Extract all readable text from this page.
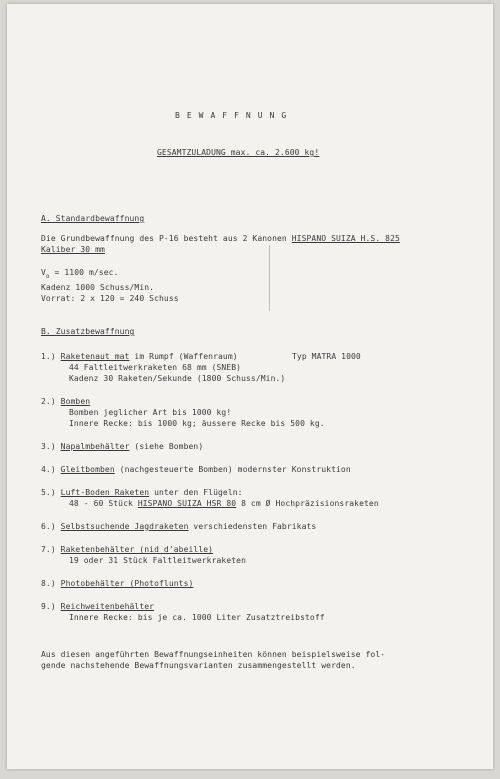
BEWAFFNUNG
GESAMTZULADUNG max. ca. 2.600 kg!
A. Standardbewaffnung
Die Grundbewaffnung des P-16 besteht aus 2 Kanonen HISPANO SUIZA H.S. 825
Kaliber 30 mm
$V_o = 1100$ m/sec.
Kadenz 1000 Schuss/Min.
Vorrat: 2 x 120 = 240 Schuss
B. Zusatzbewaffnung
1.) Raketenaut mat im Rumpf (Waffenraum)	Typ MATRA 1000
44 Faltleitwerkraketen 68 mm (SNEB)
Kadenz 30 Raketen/Sekunde (1800 Schuss/Min.)
2.) Bomben
Bomben jeglicher Art bis 1000 kg!
Innere Recke: bis 1000 kg; äussere Recke bis 500 kg.
3.) Napalmbehälter (siehe Bomben)
4.) Gleitbomben (nachgesteuerte Bomben) modernster Konstruktion
5.) Luft-Boden Raketen unter den Flügeln:
48 - 60 Stück HISPANO SUIZA HSR 80 8 cm Ø Hochpräzisionsraketen
6.) Selbstsuchende Jagdraketen verschiedensten Fabrikats
7.) Raketenbehälter (nid d'abeille)
19 oder 31 Stück Faltleitwerkraketen
8.) Photobehälter (Photoflunts)
9.) Reichweitenbehälter
Innere Recke: bis je ca. 1000 Liter Zusatztreibstoff
Aus diesen angeführten Bewaffnungseinheiten können beispielsweise fol-
gende nachstehende Bewaffnungsvarianten zusammengestellt werden.
